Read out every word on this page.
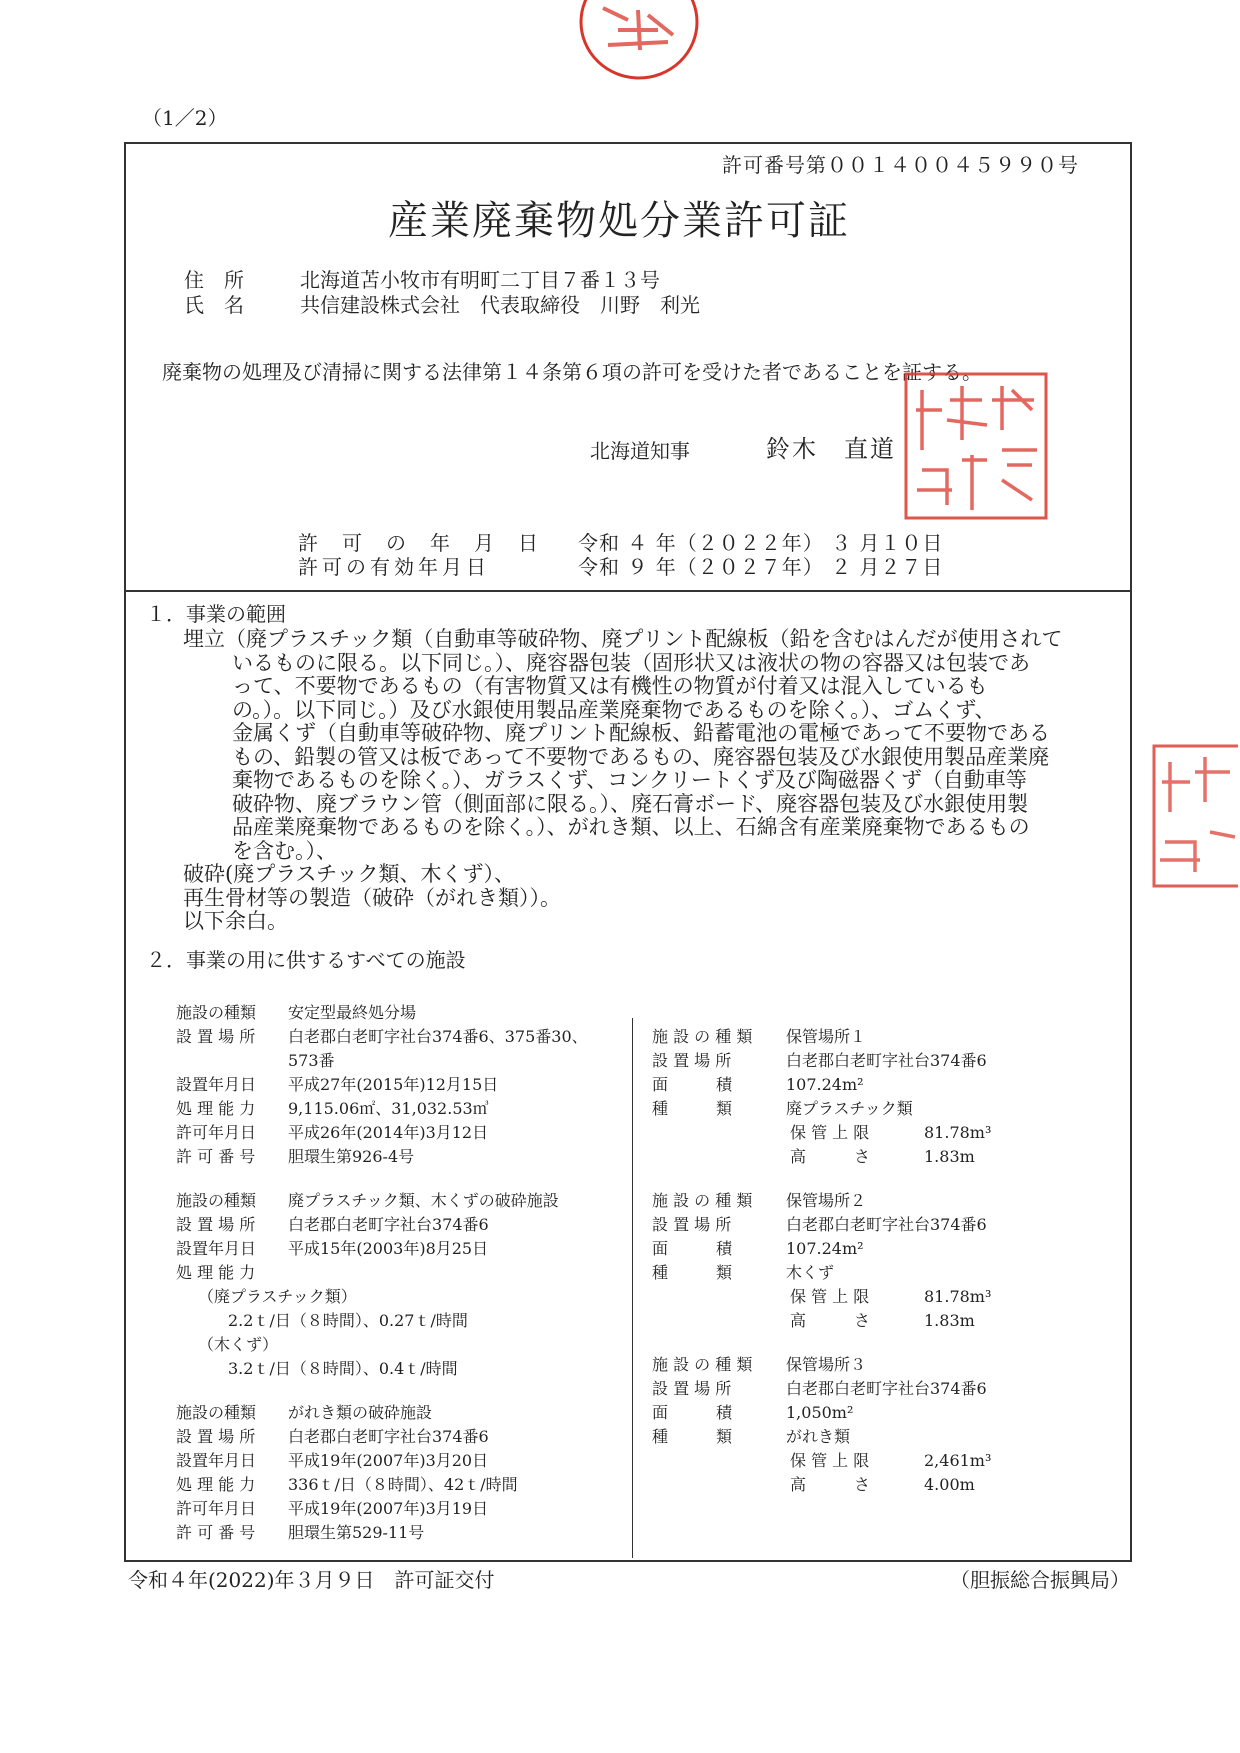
（1／2）
許可番号第００１４００４５９９０号
産業廃棄物処分業許可証
住　所	北海道苫小牧市有明町二丁目７番１３号
氏　名	共信建設株式会社　代表取締役　川野　利光
廃棄物の処理及び清掃に関する法律第１４条第６項の許可を受けた者であることを証する。
北海道知事	鈴木　直道
許　可　の　年　月　日 令和 ４ 年（２０２２年） ３ 月１０日
許可の有効年月日	令和 ９ 年（２０２７年） ２ 月２７日
１．事業の範囲

埋立（廃プラスチック類（自動車等破砕物、廃プリント配線板（鉛を含むはんだが使用されて

いるものに限る。以下同じ。）、廃容器包装（固形状又は液状の物の容器又は包装であ

って、不要物であるもの（有害物質又は有機性の物質が付着又は混入しているも

の。）。以下同じ。）及び水銀使用製品産業廃棄物であるものを除く。）、ゴムくず、

金属くず（自動車等破砕物、廃プリント配線板、鉛蓄電池の電極であって不要物である

もの、鉛製の管又は板であって不要物であるもの、廃容器包装及び水銀使用製品産業廃

棄物であるものを除く。）、ガラスくず、コンクリートくず及び陶磁器くず（自動車等

破砕物、廃ブラウン管（側面部に限る。）、廃石膏ボード、廃容器包装及び水銀使用製

品産業廃棄物であるものを除く。）、がれき類、以上、石綿含有産業廃棄物であるもの

を含む。）、

破砕(廃プラスチック類、木くず）、

再生骨材等の製造（破砕（がれき類））。

以下余白。

２．事業の用に供するすべての施設
施設の種類 安定型最終処分場
設 置 場 所 白老郡白老町字社台374番6、375番30、
573番
設置年月日 平成27年(2015年)12月15日
処 理 能 力 9,115.06㎡、31,032.53㎥
許可年月日 平成26年(2014年)3月12日
許 可 番 号 胆環生第926-4号
施設の種類 廃プラスチック類、木くずの破砕施設
設 置 場 所 白老郡白老町字社台374番6
設置年月日 平成15年(2003年)8月25日
処 理 能 力
（廃プラスチック類）
　2.2ｔ/日（８時間）、0.27ｔ/時間
（木くず）
　3.2ｔ/日（８時間）、0.4ｔ/時間
施設の種類 がれき類の破砕施設
設 置 場 所 白老郡白老町字社台374番6
設置年月日 平成19年(2007年)3月20日
処 理 能 力 336ｔ/日（８時間）、42ｔ/時間
許可年月日 平成19年(2007年)3月19日
許 可 番 号 胆環生第529-11号
施 設 の 種 類 保管場所１
設 置 場 所	白老郡白老町字社台374番6
面　　　積	107.24m²
種　　　類	廃プラスチック類
保 管 上 限	81.78m³
高　　　さ	1.83m
施 設 の 種 類 保管場所２
設 置 場 所	白老郡白老町字社台374番6
面　　　積	107.24m²
種　　　類	木くず
保 管 上 限	81.78m³
高　　　さ	1.83m
施 設 の 種 類 保管場所３
設 置 場 所	白老郡白老町字社台374番6
面　　　積	1,050m²
種　　　類	がれき類
保 管 上 限	2,461m³
高　　　さ	4.00m
令和４年(2022)年３月９日　許可証交付	（胆振総合振興局）
